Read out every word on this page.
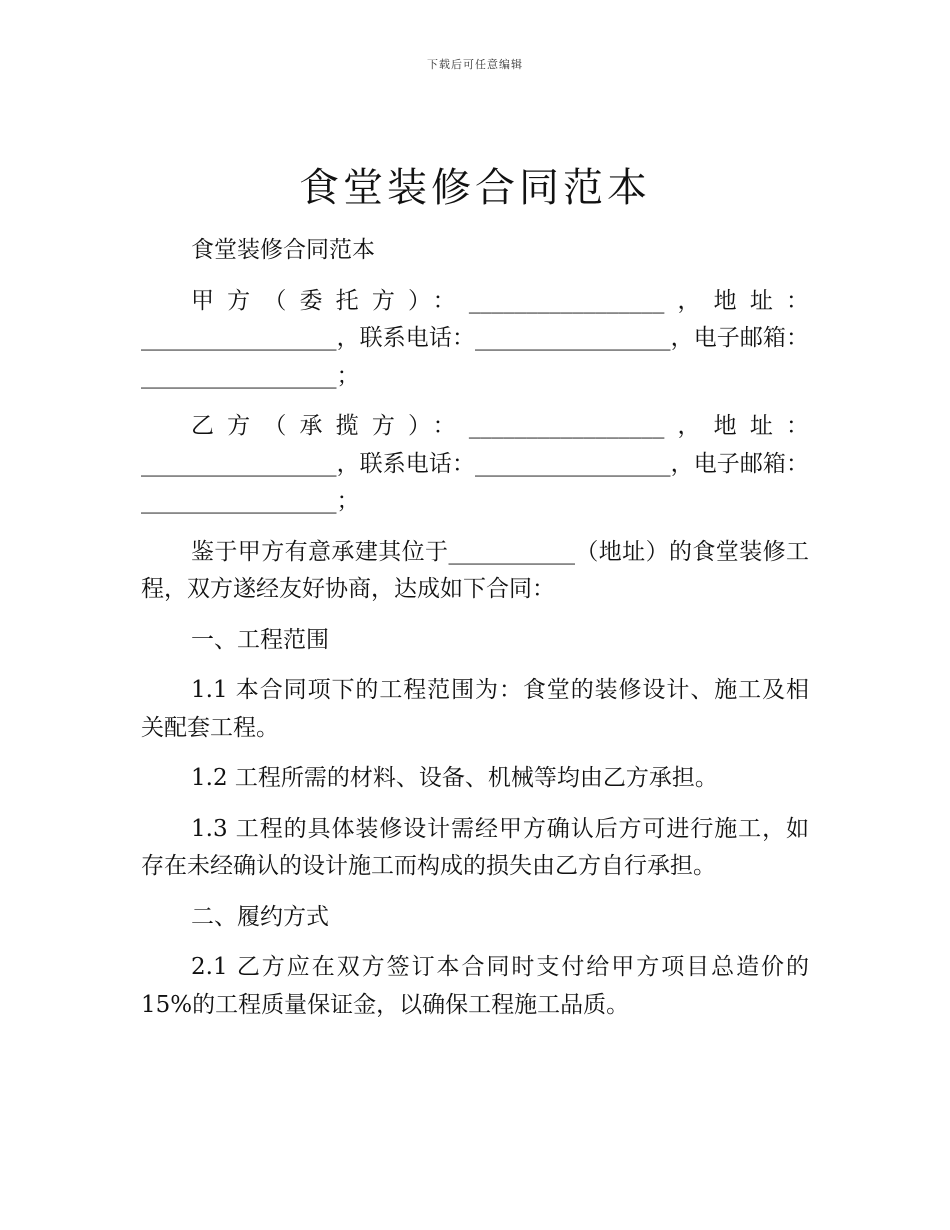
下载后可任意编辑
食堂装修合同范本

食堂装修合同范本

甲方（委托方）：_________________，地址：_________________，联系电话：_________________，电子邮箱：_________________；

乙方（承揽方）：_________________，地址：_________________，联系电话：_________________，电子邮箱：_________________；

鉴于甲方有意承建其位于___________（地址）的食堂装修工程，双方遂经友好协商，达成如下合同：

一、工程范围

1.1 本合同项下的工程范围为：食堂的装修设计、施工及相关配套工程。

1.2 工程所需的材料、设备、机械等均由乙方承担。

1.3 工程的具体装修设计需经甲方确认后方可进行施工，如存在未经确认的设计施工而构成的损失由乙方自行承担。

二、履约方式

2.1 乙方应在双方签订本合同时支付给甲方项目总造价的15%的工程质量保证金，以确保工程施工品质。
